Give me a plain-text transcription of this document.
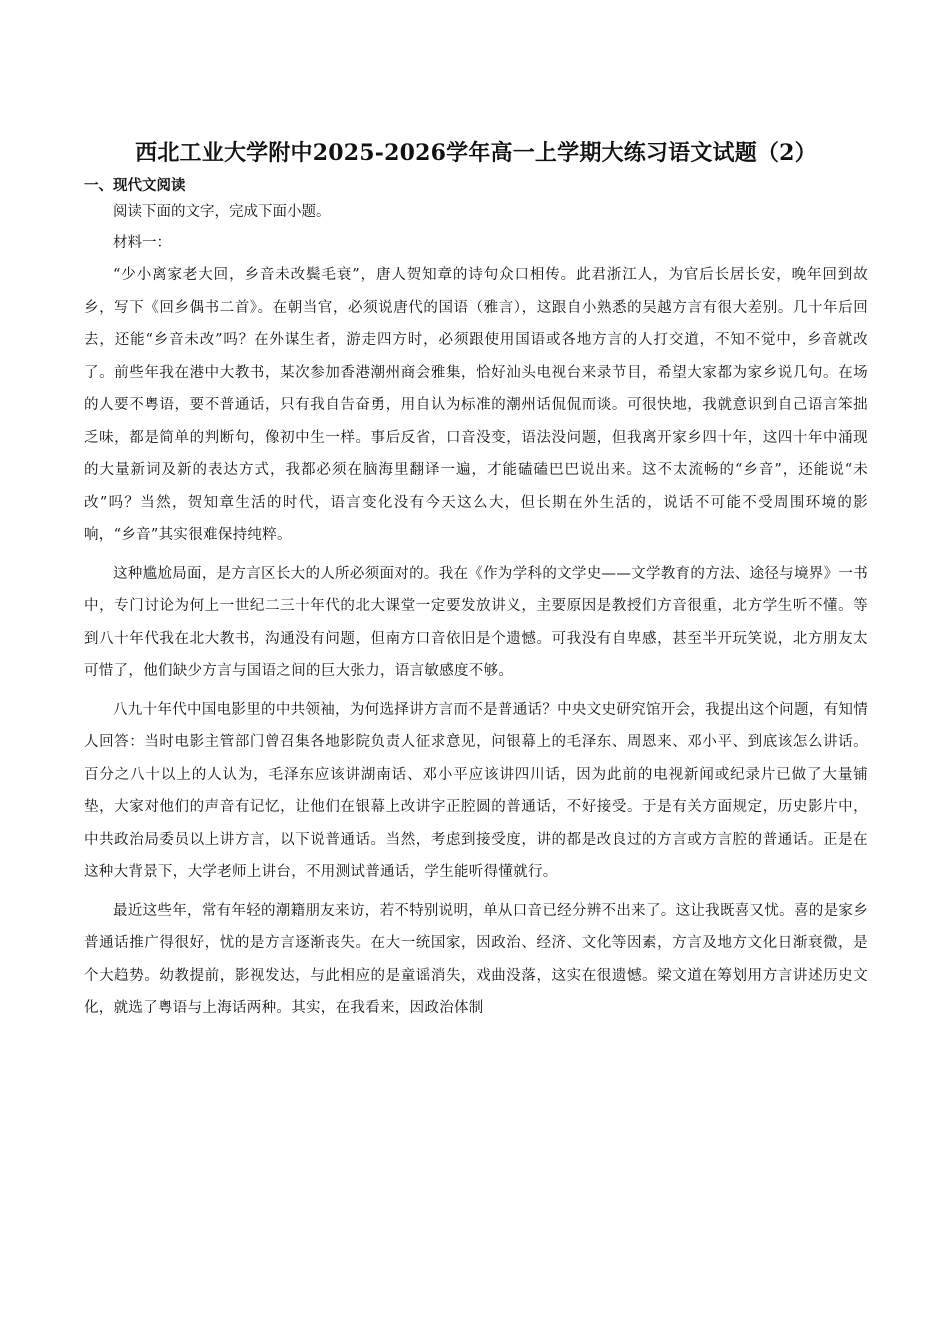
西北工业大学附中2025-2026学年高一上学期大练习语文试题（2）
一、现代文阅读

阅读下面的文字，完成下面小题。

材料一：

“少小离家老大回，乡音未改鬓毛衰”，唐人贺知章的诗句众口相传。此君浙江人，为官后长居长安，晚年回到故乡，写下《回乡偶书二首》。在朝当官，必须说唐代的国语（雅言），这跟自小熟悉的吴越方言有很大差别。几十年后回去，还能“乡音未改”吗？在外谋生者，游走四方时，必须跟使用国语或各地方言的人打交道，不知不觉中，乡音就改了。前些年我在港中大教书，某次参加香港潮州商会雅集，恰好汕头电视台来录节目，希望大家都为家乡说几句。在场的人要不粤语，要不普通话，只有我自告奋勇，用自认为标准的潮州话侃侃而谈。可很快地，我就意识到自己语言笨拙乏味，都是简单的判断句，像初中生一样。事后反省，口音没变，语法没问题，但我离开家乡四十年，这四十年中涌现的大量新词及新的表达方式，我都必须在脑海里翻译一遍，才能磕磕巴巴说出来。这不太流畅的“乡音”，还能说“未改”吗？当然，贺知章生活的时代，语言变化没有今天这么大，但长期在外生活的，说话不可能不受周围环境的影响，“乡音”其实很难保持纯粹。

这种尴尬局面，是方言区长大的人所必须面对的。我在《作为学科的文学史——文学教育的方法、途径与境界》一书中，专门讨论为何上一世纪二三十年代的北大课堂一定要发放讲义，主要原因是教授们方音很重，北方学生听不懂。等到八十年代我在北大教书，沟通没有问题，但南方口音依旧是个遗憾。可我没有自卑感，甚至半开玩笑说，北方朋友太可惜了，他们缺少方言与国语之间的巨大张力，语言敏感度不够。

八九十年代中国电影里的中共领袖，为何选择讲方言而不是普通话？中央文史研究馆开会，我提出这个问题，有知情人回答：当时电影主管部门曾召集各地影院负责人征求意见，问银幕上的毛泽东、周恩来、邓小平、到底该怎么讲话。百分之八十以上的人认为，毛泽东应该讲湖南话、邓小平应该讲四川话，因为此前的电视新闻或纪录片已做了大量铺垫，大家对他们的声音有记忆，让他们在银幕上改讲字正腔圆的普通话，不好接受。于是有关方面规定，历史影片中，中共政治局委员以上讲方言，以下说普通话。当然，考虑到接受度，讲的都是改良过的方言或方言腔的普通话。正是在这种大背景下，大学老师上讲台，不用测试普通话，学生能听得懂就行。

最近这些年，常有年轻的潮籍朋友来访，若不特别说明，单从口音已经分辨不出来了。这让我既喜又忧。喜的是家乡普通话推广得很好，忧的是方言逐渐丧失。在大一统国家，因政治、经济、文化等因素，方言及地方文化日渐衰微，是个大趋势。幼教提前，影视发达，与此相应的是童谣消失，戏曲没落，这实在很遗憾。梁文道在筹划用方言讲述历史文化，就选了粤语与上海话两种。其实，在我看来，因政治体制
